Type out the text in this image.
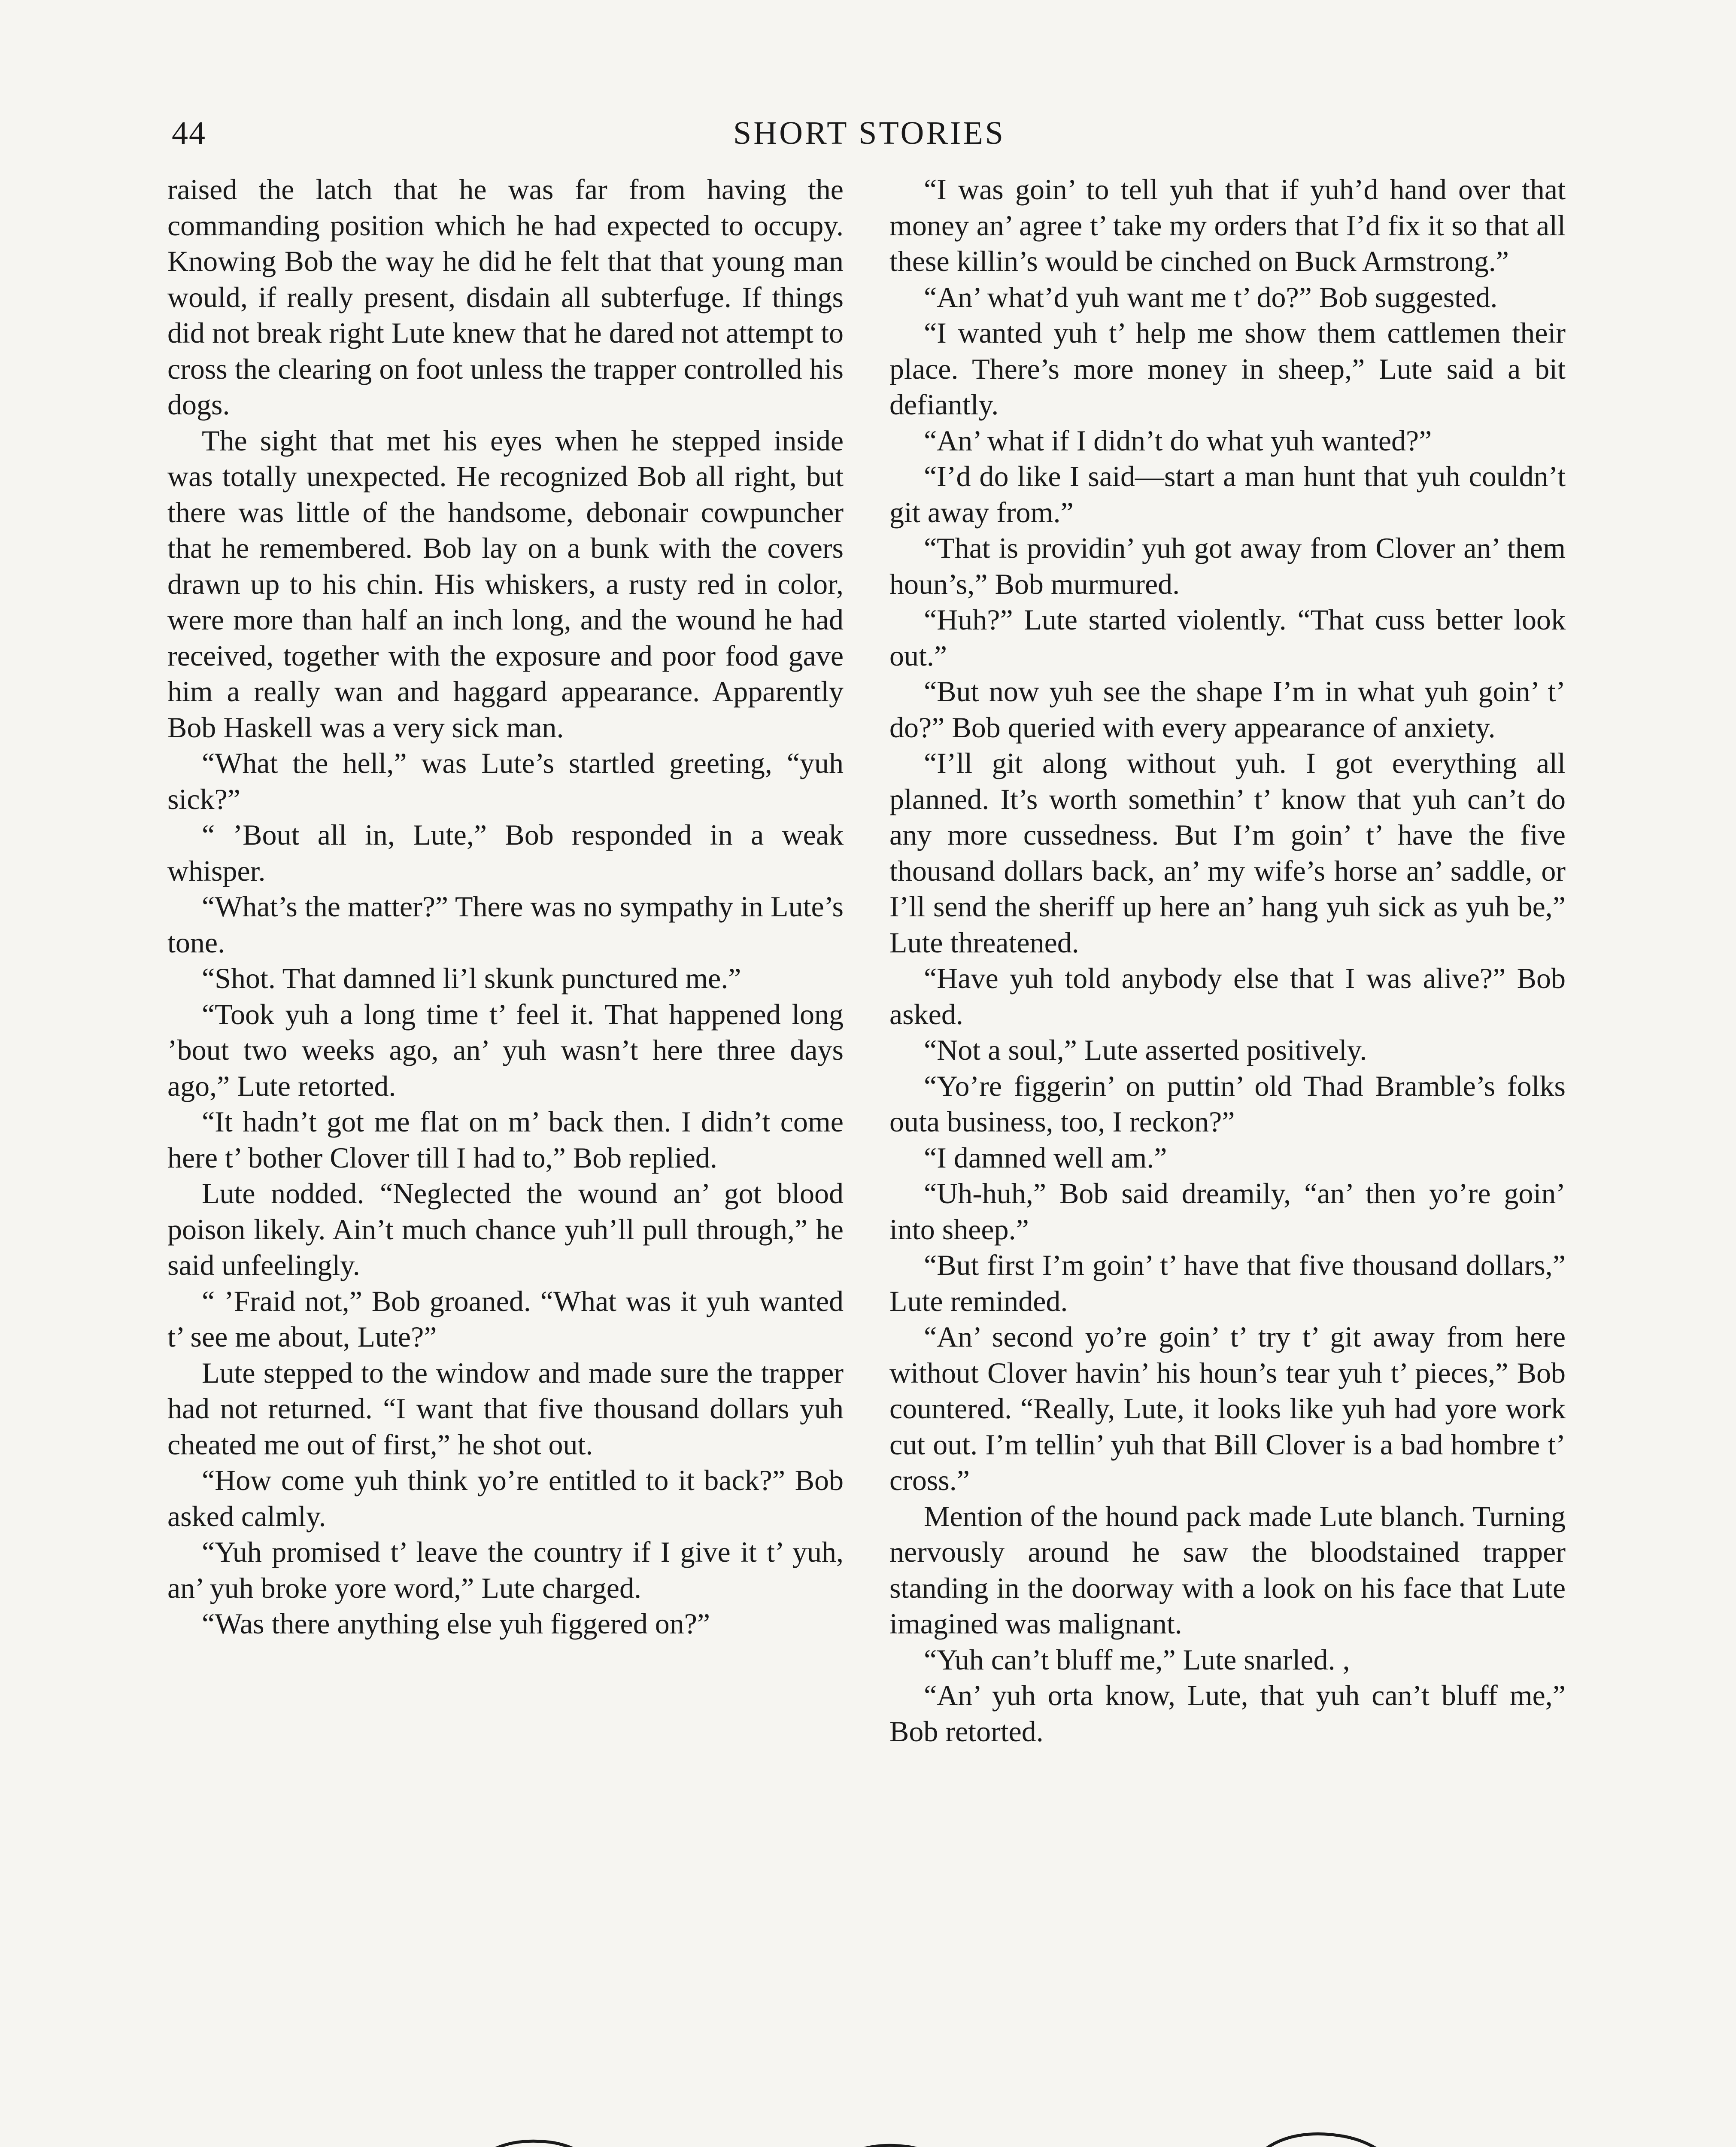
44	SHORT STORIES

raised the latch that he was far from having the commanding position which he had expected to occupy. Knowing Bob the way he did he felt that that young man would, if really present, disdain all subterfuge. If things did not break right Lute knew that he dared not attempt to cross the clearing on foot unless the trapper controlled his dogs.

The sight that met his eyes when he stepped inside was totally unexpected. He recognized Bob all right, but there was little of the handsome, debonair cowpuncher that he remembered. Bob lay on a bunk with the covers drawn up to his chin. His whiskers, a rusty red in color, were more than half an inch long, and the wound he had received, together with the exposure and poor food gave him a really wan and haggard appearance. Apparently Bob Haskell was a very sick man.

“What the hell,” was Lute’s startled greeting, “yuh sick?”

“ ’Bout all in, Lute,” Bob responded in a weak whisper.

“What’s the matter?” There was no sympathy in Lute’s tone.

“Shot. That damned li’l skunk punctured me.”

“Took yuh a long time t’ feel it. That happened long ’bout two weeks ago, an’ yuh wasn’t here three days ago,” Lute retorted.

“It hadn’t got me flat on m’ back then. I didn’t come here t’ bother Clover till I had to,” Bob replied.

Lute nodded. “Neglected the wound an’ got blood poison likely. Ain’t much chance yuh’ll pull through,” he said unfeelingly.

“ ’Fraid not,” Bob groaned. “What was it yuh wanted t’ see me about, Lute?”

Lute stepped to the window and made sure the trapper had not returned. “I want that five thousand dollars yuh cheated me out of first,” he shot out.

“How come yuh think yo’re entitled to it back?” Bob asked calmly.

“Yuh promised t’ leave the country if I give it t’ yuh, an’ yuh broke yore word,” Lute charged.

“Was there anything else yuh figgered on?”

“I was goin’ to tell yuh that if yuh’d hand over that money an’ agree t’ take my orders that I’d fix it so that all these killin’s would be cinched on Buck Armstrong.”

“An’ what’d yuh want me t’ do?” Bob suggested.

“I wanted yuh t’ help me show them cattlemen their place. There’s more money in sheep,” Lute said a bit defiantly.

“An’ what if I didn’t do what yuh wanted?”

“I’d do like I said—start a man hunt that yuh couldn’t git away from.”

“That is providin’ yuh got away from Clover an’ them houn’s,” Bob murmured.

“Huh?” Lute started violently. “That cuss better look out.”

“But now yuh see the shape I’m in what yuh goin’ t’ do?” Bob queried with every appearance of anxiety.

“I’ll git along without yuh. I got everything all planned. It’s worth somethin’ t’ know that yuh can’t do any more cussedness. But I’m goin’ t’ have the five thousand dollars back, an’ my wife’s horse an’ saddle, or I’ll send the sheriff up here an’ hang yuh sick as yuh be,” Lute threatened.

“Have yuh told anybody else that I was alive?” Bob asked.

“Not a soul,” Lute asserted positively.

“Yo’re figgerin’ on puttin’ old Thad Bramble’s folks outa business, too, I reckon?”

“I damned well am.”

“Uh-huh,” Bob said dreamily, “an’ then yo’re goin’ into sheep.”

“But first I’m goin’ t’ have that five thousand dollars,” Lute reminded.

“An’ second yo’re goin’ t’ try t’ git away from here without Clover havin’ his houn’s tear yuh t’ pieces,” Bob countered. “Really, Lute, it looks like yuh had yore work cut out. I’m tellin’ yuh that Bill Clover is a bad hombre t’ cross.”

Mention of the hound pack made Lute blanch. Turning nervously around he saw the bloodstained trapper standing in the doorway with a look on his face that Lute imagined was malignant.

“Yuh can’t bluff me,” Lute snarled. ,

“An’ yuh orta know, Lute, that yuh can’t bluff me,” Bob retorted.
